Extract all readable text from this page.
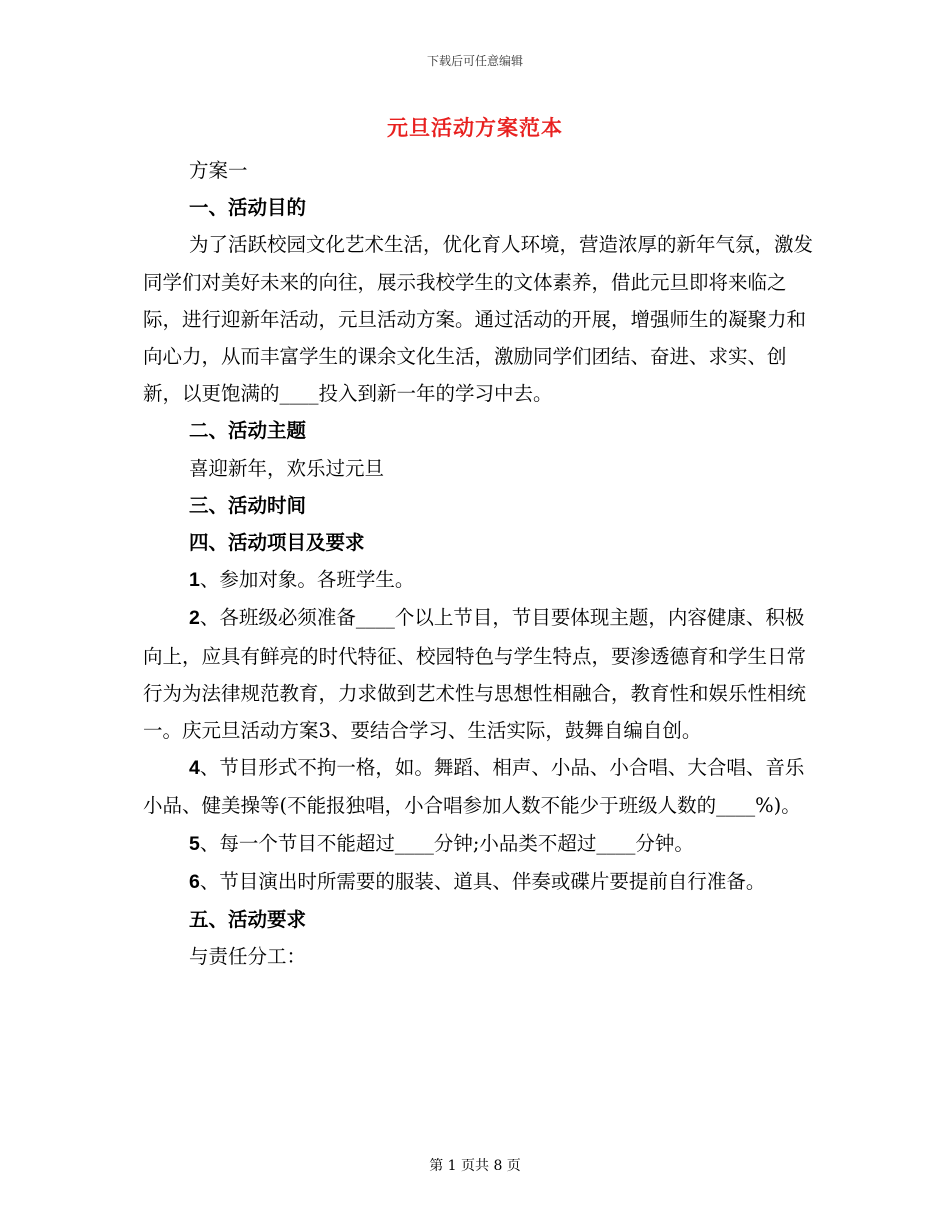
下载后可任意编辑
元旦活动方案范本

方案一

一、活动目的

为了活跃校园文化艺术生活，优化育人环境，营造浓厚的新年气氛，激发同学们对美好未来的向往，展示我校学生的文体素养，借此元旦即将来临之际，进行迎新年活动，元旦活动方案。通过活动的开展，增强师生的凝聚力和向心力，从而丰富学生的课余文化生活，激励同学们团结、奋进、求实、创新，以更饱满的____投入到新一年的学习中去。

二、活动主题

喜迎新年，欢乐过元旦

三、活动时间

四、活动项目及要求

1、参加对象。各班学生。

2、各班级必须准备____个以上节目，节目要体现主题，内容健康、积极向上，应具有鲜亮的时代特征、校园特色与学生特点，要渗透德育和学生日常行为为法律规范教育，力求做到艺术性与思想性相融合，教育性和娱乐性相统一。庆元旦活动方案3、要结合学习、生活实际，鼓舞自编自创。

4、节目形式不拘一格，如。舞蹈、相声、小品、小合唱、大合唱、音乐小品、健美操等(不能报独唱，小合唱参加人数不能少于班级人数的____%)。

5、每一个节目不能超过____分钟;小品类不超过____分钟。

6、节目演出时所需要的服装、道具、伴奏或碟片要提前自行准备。

五、活动要求

与责任分工：

第 1 页共 8 页
